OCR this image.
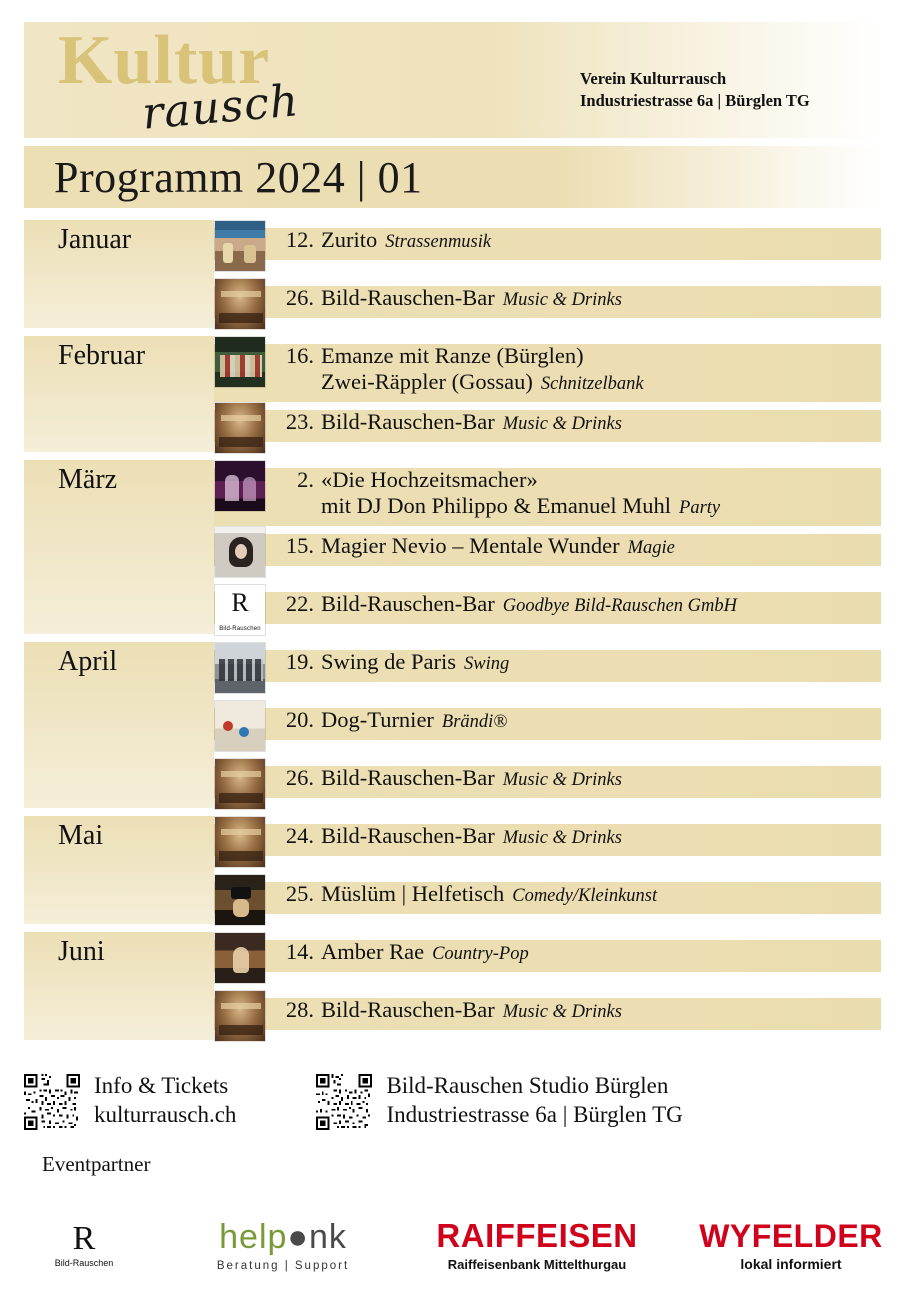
Kultur
rausch	Verein Kulturrausch
Industriestrasse 6a | Bürglen TG
Programm 2024 | 01
Januar	12. Zurito Strassenmusik
26. Bild-Rauschen-Bar Music & Drinks
Februar	16. Emanze mit Ranze (Bürglen)
Zwei-Räppler (Gossau) Schnitzelbank
23. Bild-Rauschen-Bar Music & Drinks
März	2. «Die Hochzeitsmacher»
mit DJ Don Philippo & Emanuel Muhl Party
15. Magier Nevio – Mentale Wunder Magie
R Bild-Rauschen
22. Bild-Rauschen-Bar Goodbye Bild-Rauschen GmbH
April	19. Swing de Paris Swing
20. Dog-Turnier Brändi®
26. Bild-Rauschen-Bar Music & Drinks
Mai	24. Bild-Rauschen-Bar Music & Drinks
25. Müslüm | Helfetisch Comedy/Kleinkunst
Juni	14. Amber Rae Country-Pop
28. Bild-Rauschen-Bar Music & Drinks
Info & Tickets
kulturrausch.ch
Bild-Rauschen Studio Bürglen
Industriestrasse 6a | Bürglen TG
Eventpartner
R
Bild-Rauschen
help●nk
Beratung | Support
RAIFFEISEN
Raiffeisenbank Mittelthurgau
WYFELDER
lokal informiert
